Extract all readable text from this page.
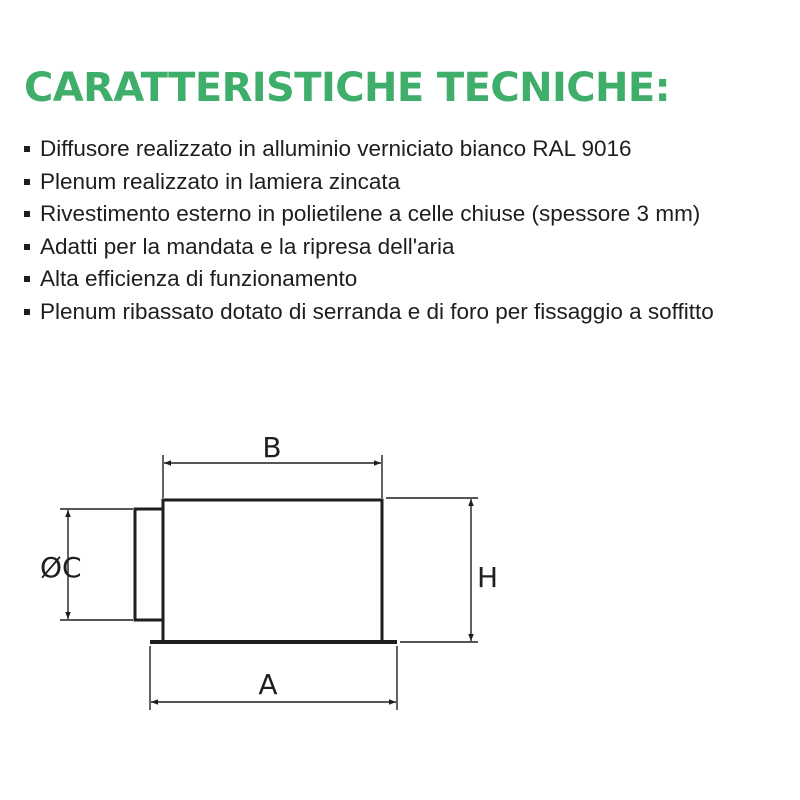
CARATTERISTICHE TECNICHE:
Diffusore realizzato in alluminio verniciato bianco RAL 9016
Plenum realizzato in lamiera zincata
Rivestimento esterno in polietilene a celle chiuse (spessore 3 mm)
Adatti per la mandata e la ripresa dell'aria
Alta efficienza di funzionamento
Plenum ribassato dotato di serranda e di foro per fissaggio a soffitto
B
ØC	H
A
